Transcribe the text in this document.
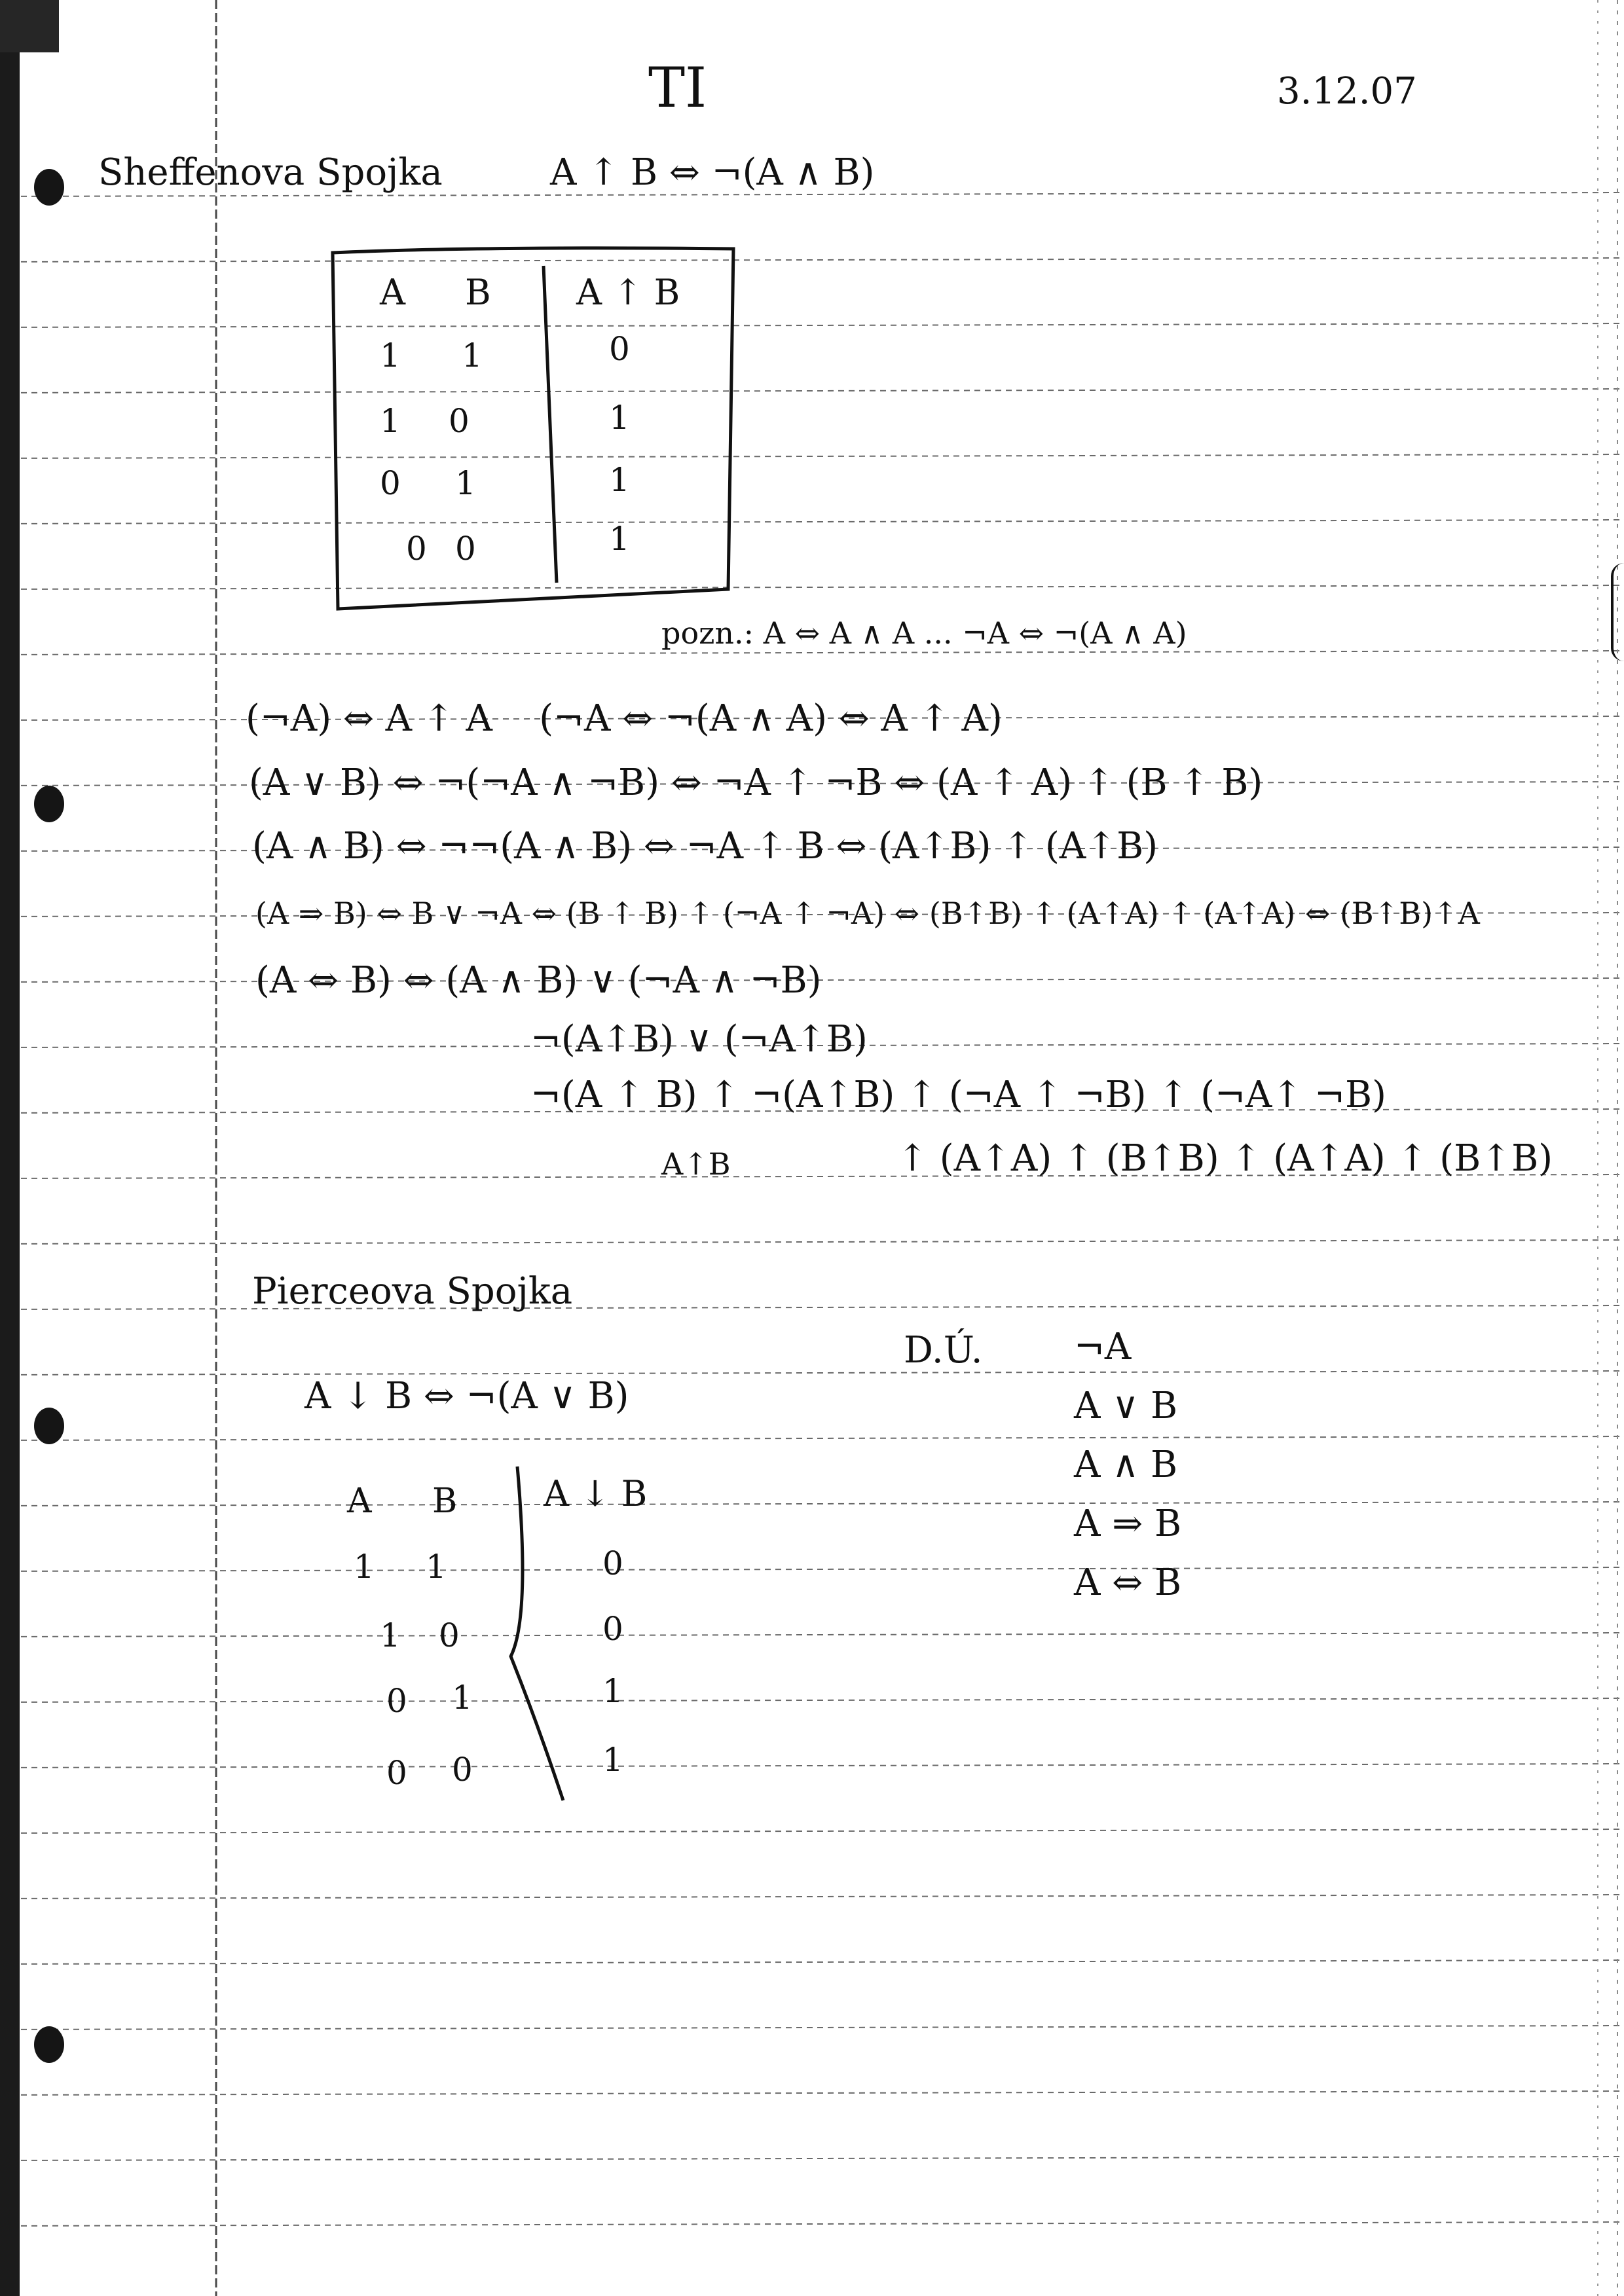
TI	3.12.07
Sheffenova Spojka	A ↑ B ⇔ ¬(A ∧ B)
A B A ↑ B
1 1	0
1 0	1
0 1	1
0 0	1
pozn.: A ⇔ A ∧ A ... ¬A ⇔ ¬(A ∧ A)
(¬A) ⇔ A ↑ A    (¬A ⇔ ¬(A ∧ A) ⇔ A ↑ A)
(A ∨ B) ⇔ ¬(¬A ∧ ¬B) ⇔ ¬A ↑ ¬B ⇔ (A ↑ A) ↑ (B ↑ B)
(A ∧ B) ⇔ ¬¬(A ∧ B) ⇔ ¬A ↑ B ⇔ (A↑B) ↑ (A↑B)
(A ⇒ B) ⇔ B ∨ ¬A ⇔ (B ↑ B) ↑ (¬A ↑ ¬A) ⇔ (B↑B) ↑ (A↑A) ↑ (A↑A) ⇔ (B↑B)↑A
(A ⇔ B) ⇔ (A ∧ B) ∨ (¬A ∧ ¬B)
¬(A↑B) ∨ (¬A↑B)
¬(A ↑ B) ↑ ¬(A↑B) ↑ (¬A ↑ ¬B) ↑ (¬A↑ ¬B)
A↑B	↑ (A↑A) ↑ (B↑B) ↑ (A↑A) ↑ (B↑B)
Pierceova Spojka
A ↓ B ⇔ ¬(A ∨ B)
A B A ↓ B
1 1	0
1 0	0
0 1	1
0 0	1
D.Ú. ¬A
A ∨ B
A ∧ B
A ⇒ B
A ⇔ B
